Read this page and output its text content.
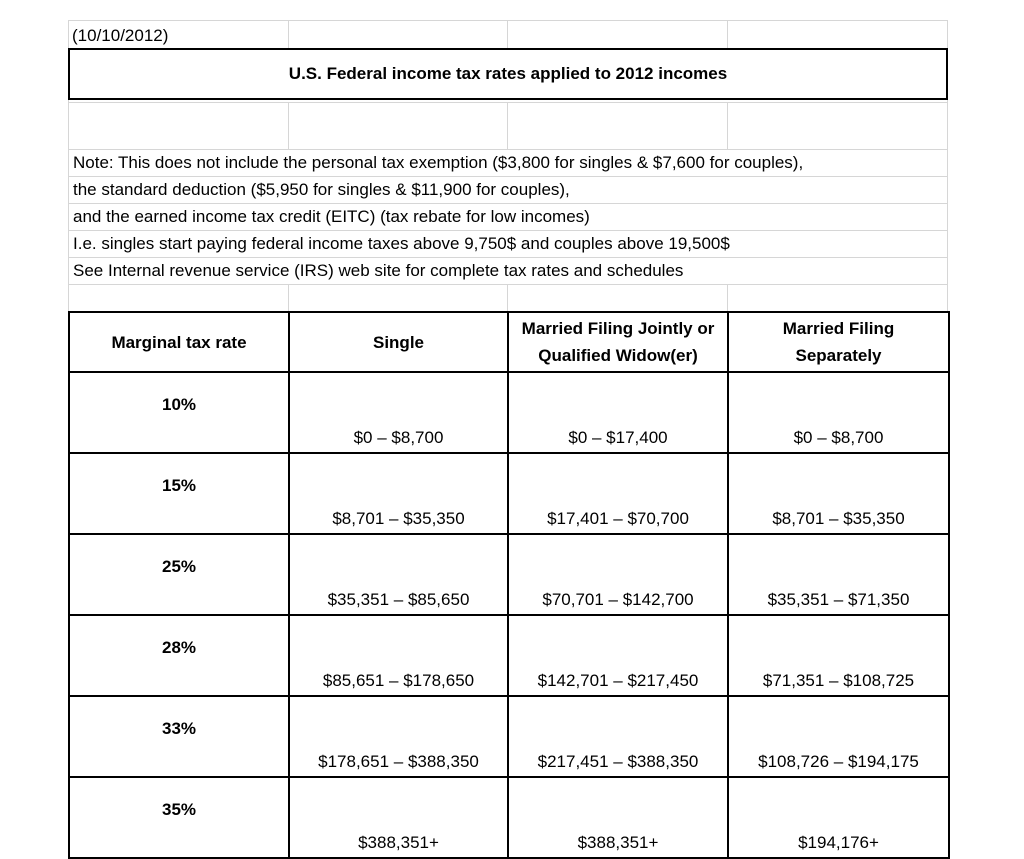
(10/10/2012)
U.S. Federal income tax rates applied to 2012 incomes
Note: This does not include the personal tax exemption ($3,800 for singles & $7,600 for couples),
the standard deduction ($5,950 for singles & $11,900 for couples),
and the earned income tax credit (EITC) (tax rebate for low incomes)
I.e. singles start paying federal income taxes above 9,750$ and couples above 19,500$
See Internal revenue service (IRS) web site for complete tax rates and schedules
Marginal tax rate	Single	Married Filing Jointly or Qualified Widow(er)	Married Filing Separately
10%	$0 – $8,700	$0 – $17,400	$0 – $8,700
15%	$8,701 – $35,350	$17,401 – $70,700	$8,701 – $35,350
25%	$35,351 – $85,650	$70,701 – $142,700	$35,351 – $71,350
28%	$85,651 – $178,650	$142,701 – $217,450	$71,351 – $108,725
33%	$178,651 – $388,350	$217,451 – $388,350	$108,726 – $194,175
35%	$388,351+	$388,351+	$194,176+
